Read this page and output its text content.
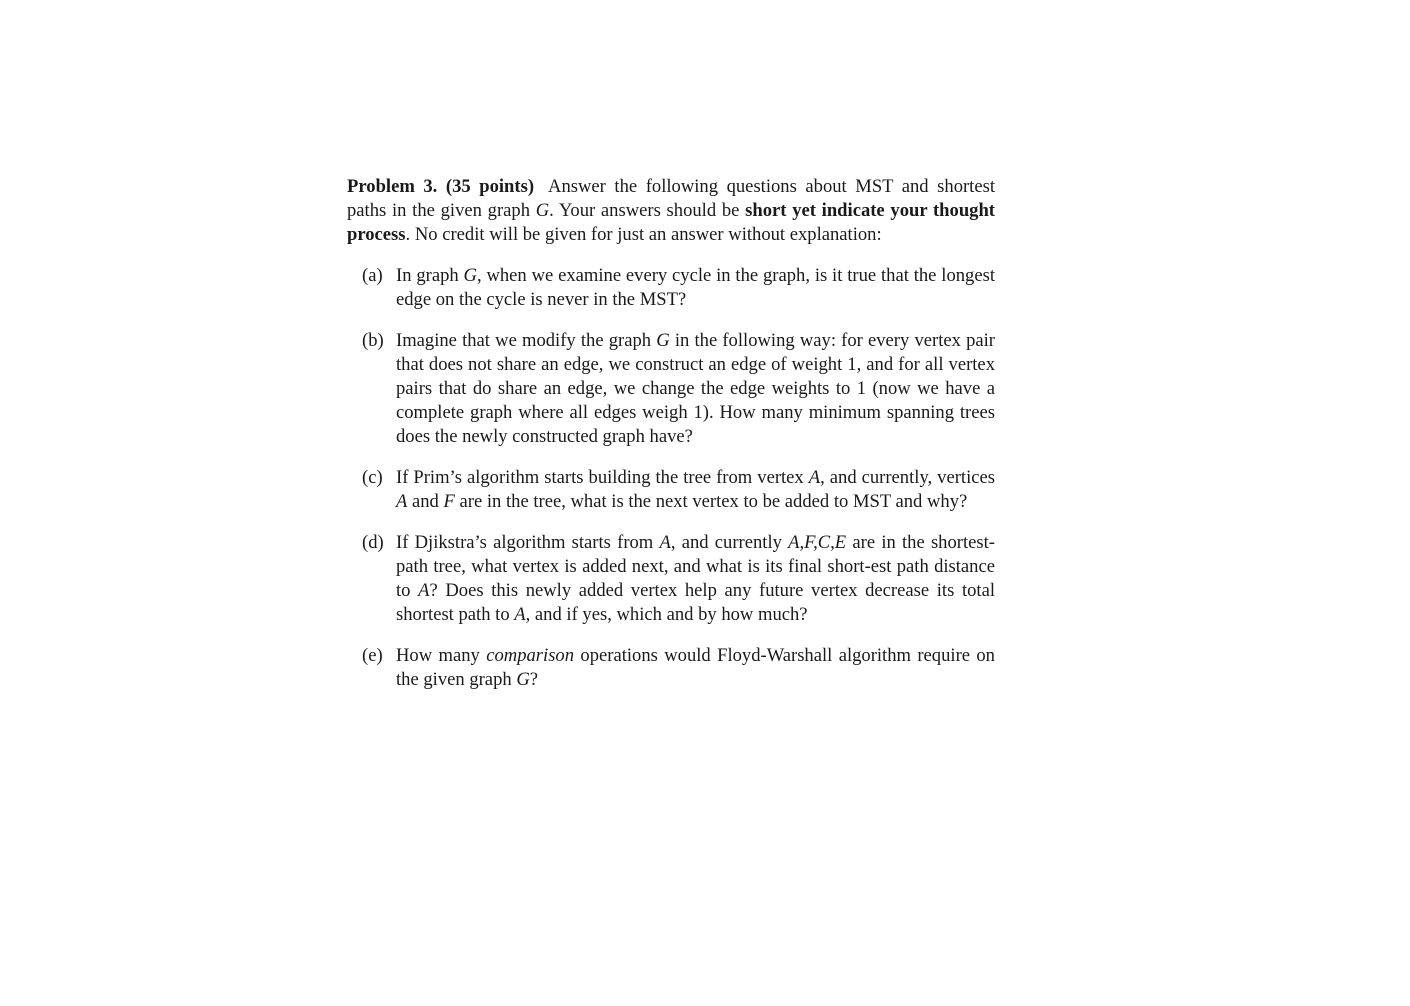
Problem 3. (35 points) Answer the following questions about MST and shortest paths in the given graph G. Your answers should be short yet indicate your thought process. No credit will be given for just an answer without explanation:

(a) In graph G, when we examine every cycle in the graph, is it true that the longest edge on the cycle is never in the MST?
(b) Imagine that we modify the graph G in the following way: for every vertex pair that does not share an edge, we construct an edge of weight 1, and for all vertex pairs that do share an edge, we change the edge weights to 1 (now we have a complete graph where all edges weigh 1). How many minimum spanning trees does the newly constructed graph have?
(c) If Prim’s algorithm starts building the tree from vertex A, and currently, vertices A and F are in the tree, what is the next vertex to be added to MST and why?
(d) If Djikstra’s algorithm starts from A, and currently A,F,C,E are in the shortest-path tree, what vertex is added next, and what is its final short-est path distance to A? Does this newly added vertex help any future vertex decrease its total shortest path to A, and if yes, which and by how much?
(e) How many comparison operations would Floyd-Warshall algorithm require on the given graph G?
